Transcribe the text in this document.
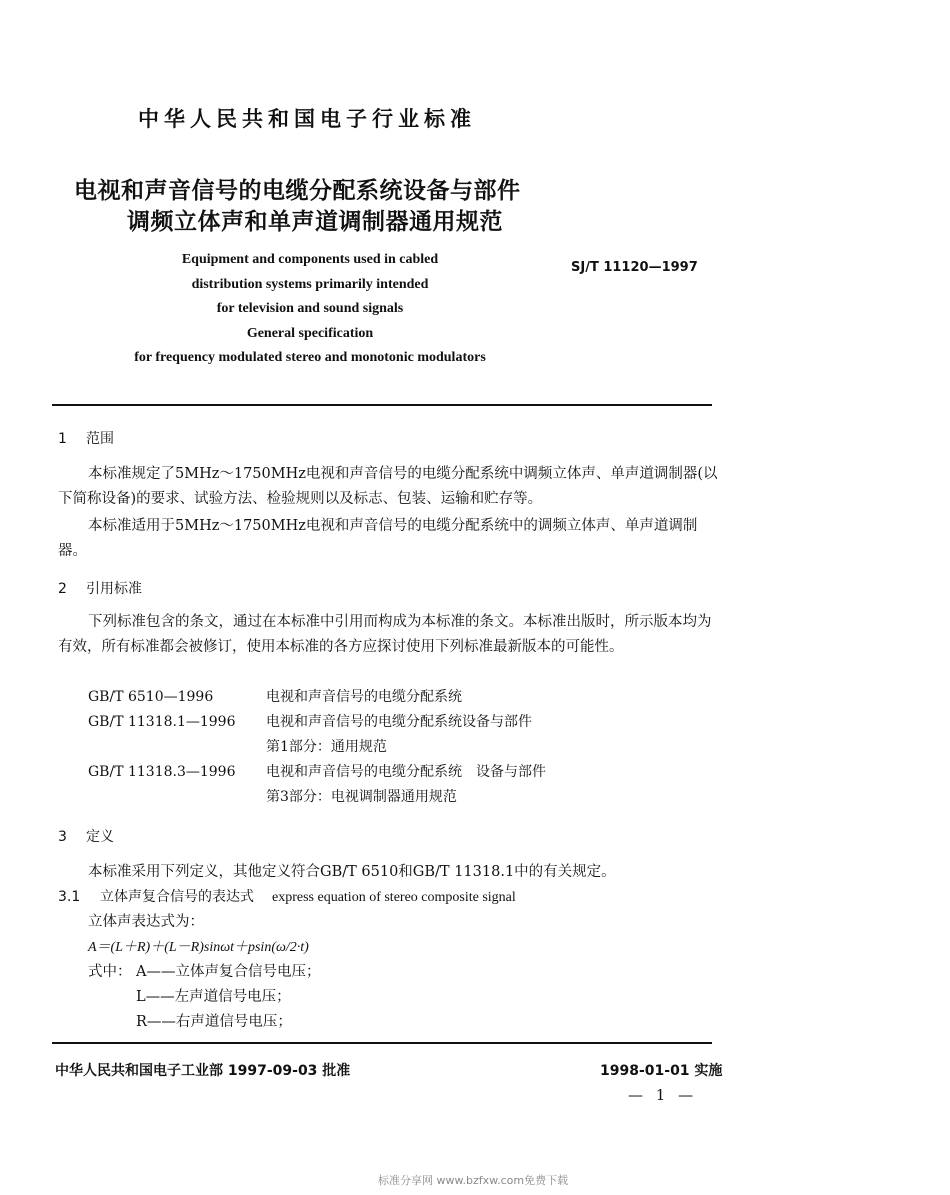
中华人民共和国电子行业标准
电视和声音信号的电缆分配系统设备与部件
调频立体声和单声道调制器通用规范
Equipment and components used in cabled
distribution systems primarily intended
for television and sound signals
General specification
for frequency modulated stereo and monotonic modulators
SJ/T 11120—1997
1 范围
本标准规定了5MHz～1750MHz电视和声音信号的电缆分配系统中调频立体声、单声道调制器(以下简称设备)的要求、试验方法、检验规则以及标志、包装、运输和贮存等。
本标准适用于5MHz～1750MHz电视和声音信号的电缆分配系统中的调频立体声、单声道调制器。
2 引用标准
下列标准包含的条文，通过在本标准中引用而构成为本标准的条文。本标准出版时，所示版本均为有效，所有标准都会被修订，使用本标准的各方应探讨使用下列标准最新版本的可能性。
GB/T 6510—1996	电视和声音信号的电缆分配系统
GB/T 11318.1—1996 电视和声音信号的电缆分配系统设备与部件
第1部分：通用规范
GB/T 11318.3—1996 电视和声音信号的电缆分配系统　设备与部件
第3部分：电视调制器通用规范
3 定义
本标准采用下列定义，其他定义符合GB/T 6510和GB/T 11318.1中的有关规定。
3.1 立体声复合信号的表达式 express equation of stereo composite signal
立体声表达式为：
A＝(L＋R)＋(L－R)sinωt＋psin(ω/2·t)
式中： A——立体声复合信号电压；
L——左声道信号电压；
R——右声道信号电压；
中华人民共和国电子工业部 1997-09-03 批准	1998-01-01 实施
— 1 —
标准分享网 www.bzfxw.com免费下载
